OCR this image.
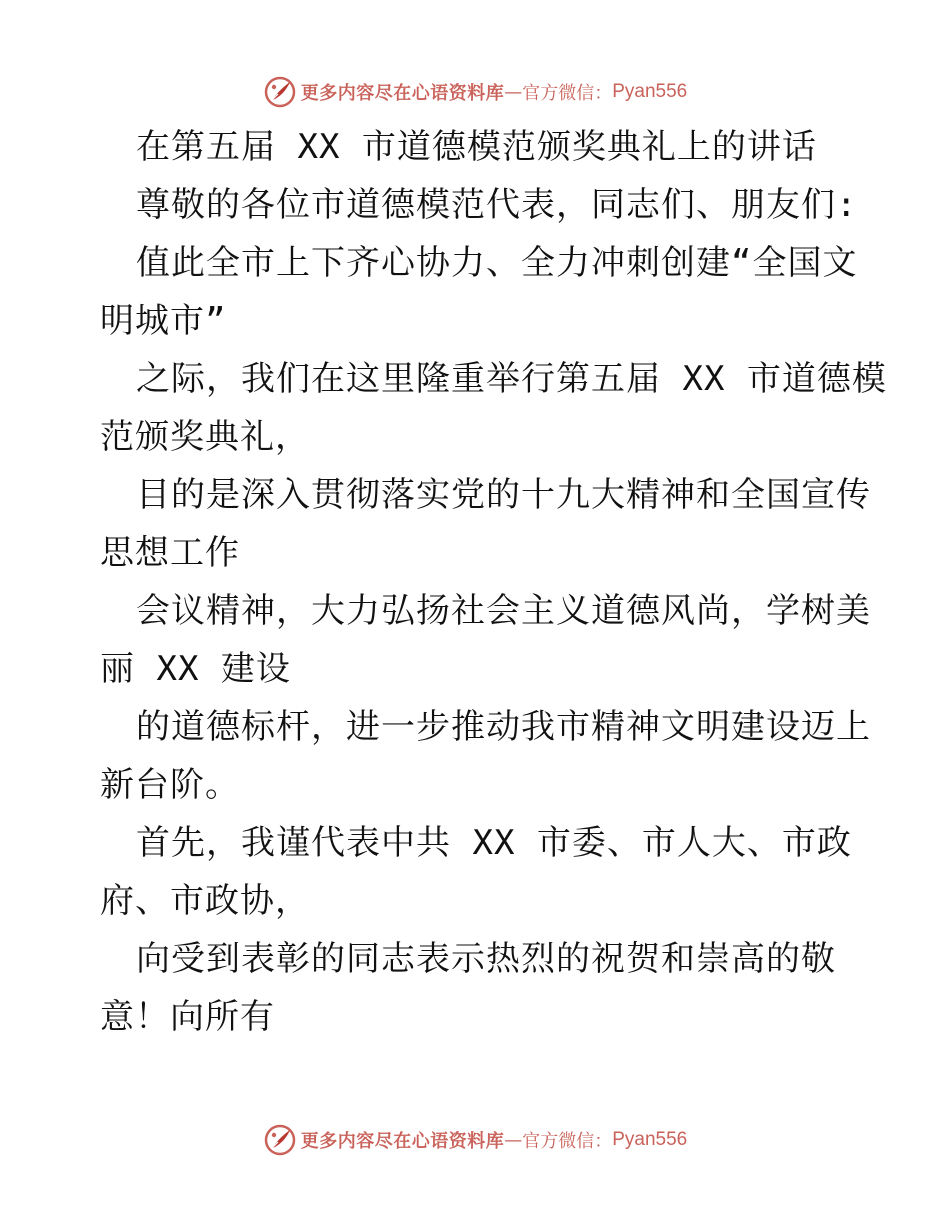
更多内容尽在心语资料库 — 官方微信： Pyan556
在第五届 XX 市道德模范颁奖典礼上的讲话
尊敬的各位市道德模范代表，同志们、朋友们:
值此全市上下齐心协力、全力冲刺创建“全国文
明城市”
之际，我们在这里隆重举行第五届 XX 市道德模
范颁奖典礼，
目的是深入贯彻落实党的十九大精神和全国宣传
思想工作
会议精神，大力弘扬社会主义道德风尚，学树美
丽 XX 建设
的道德标杆，进一步推动我市精神文明建设迈上
新台阶。
首先，我谨代表中共 XX 市委、市人大、市政
府、市政协，
向受到表彰的同志表示热烈的祝贺和崇高的敬
意！向所有
更多内容尽在心语资料库 — 官方微信： Pyan556
